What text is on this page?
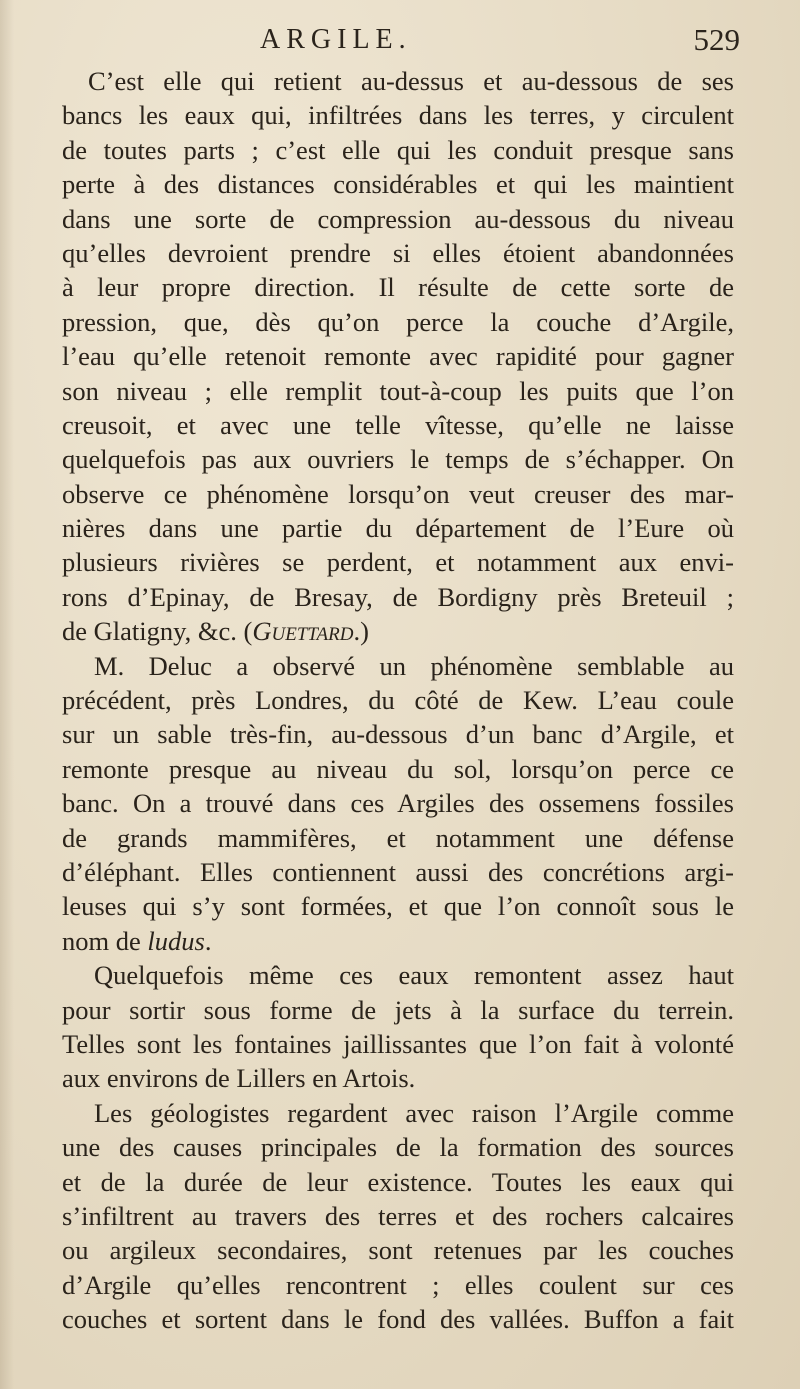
ARGILE.	529
C’est elle qui retient au-dessus et au-dessous de ses
bancs les eaux qui, infiltrées dans les terres, y circulent
de toutes parts ; c’est elle qui les conduit presque sans
perte à des distances considérables et qui les maintient
dans une sorte de compression au-dessous du niveau
qu’elles devroient prendre si elles étoient abandonnées
à leur propre direction. Il résulte de cette sorte de
pression, que, dès qu’on perce la couche d’Argile,
l’eau qu’elle retenoit remonte avec rapidité pour gagner
son niveau ; elle remplit tout-à-coup les puits que l’on
creusoit, et avec une telle vîtesse, qu’elle ne laisse
quelquefois pas aux ouvriers le temps de s’échapper. On
observe ce phénomène lorsqu’on veut creuser des mar-
nières dans une partie du département de l’Eure où
plusieurs rivières se perdent, et notamment aux envi-
rons d’Epinay, de Bresay, de Bordigny près Breteuil ;
de Glatigny, &c. (Guettard.)
M. Deluc a observé un phénomène semblable au
précédent, près Londres, du côté de Kew. L’eau coule
sur un sable très-fin, au-dessous d’un banc d’Argile, et
remonte presque au niveau du sol, lorsqu’on perce ce
banc. On a trouvé dans ces Argiles des ossemens fossiles
de grands mammifères, et notamment une défense
d’éléphant. Elles contiennent aussi des concrétions argi-
leuses qui s’y sont formées, et que l’on connoît sous le
nom de ludus.
Quelquefois même ces eaux remontent assez haut
pour sortir sous forme de jets à la surface du terrein.
Telles sont les fontaines jaillissantes que l’on fait à volonté
aux environs de Lillers en Artois.
Les géologistes regardent avec raison l’Argile comme
une des causes principales de la formation des sources
et de la durée de leur existence. Toutes les eaux qui
s’infiltrent au travers des terres et des rochers calcaires
ou argileux secondaires, sont retenues par les couches
d’Argile qu’elles rencontrent ; elles coulent sur ces
couches et sortent dans le fond des vallées. Buffon a fait
